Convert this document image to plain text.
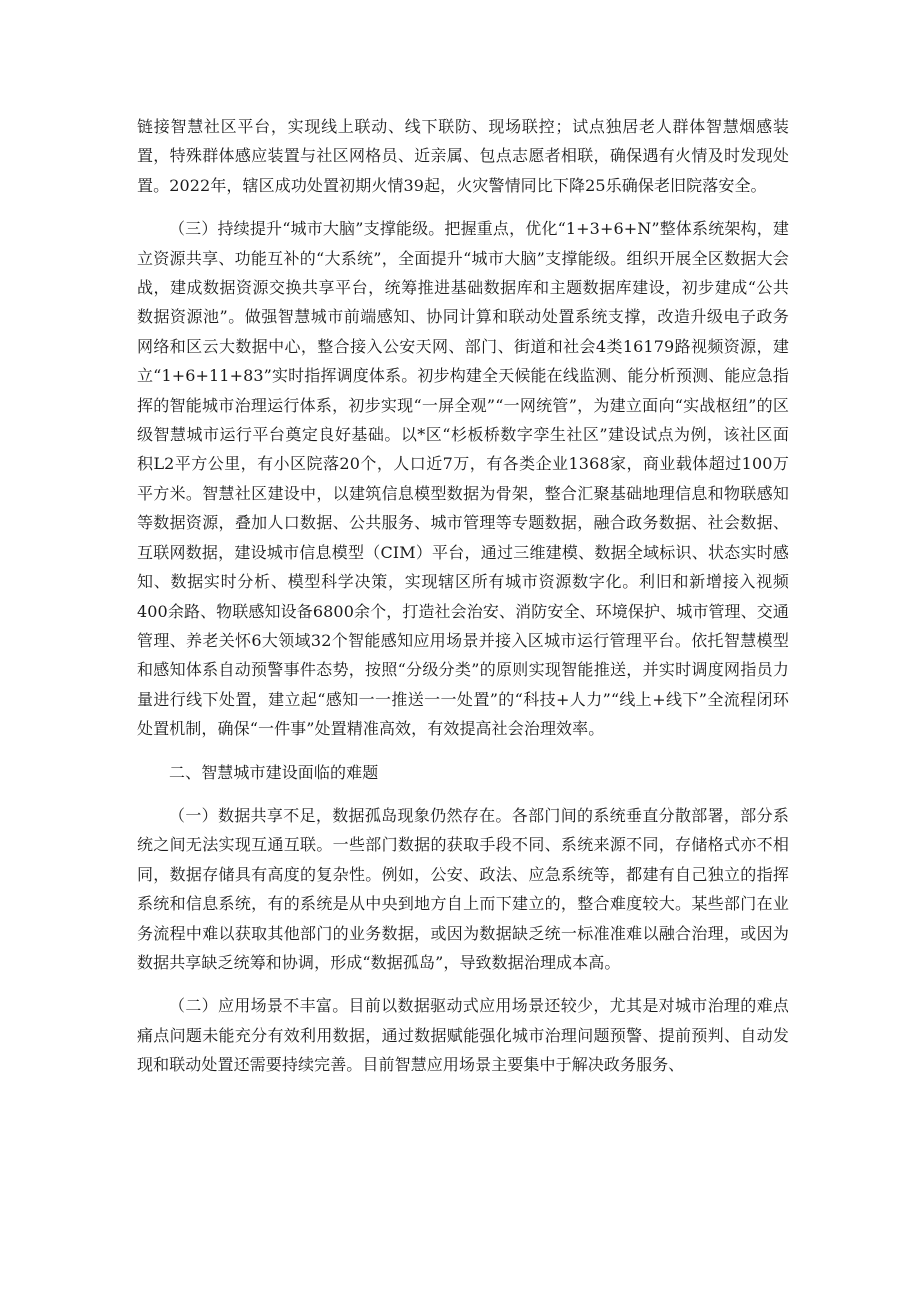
链接智慧社区平台，实现线上联动、线下联防、现场联控；试点独居老人群体智慧烟感装置，特殊群体感应装置与社区网格员、近亲属、包点志愿者相联，确保遇有火情及时发现处置。2022年，辖区成功处置初期火情39起，火灾警情同比下降25乐确保老旧院落安全。

（三）持续提升“城市大脑”支撑能级。把握重点，优化“1+3+6+N”整体系统架构，建立资源共享、功能互补的“大系统”，全面提升“城市大脑”支撑能级。组织开展全区数据大会战，建成数据资源交换共享平台，统筹推进基础数据库和主题数据库建设，初步建成“公共数据资源池”。做强智慧城市前端感知、协同计算和联动处置系统支撑，改造升级电子政务网络和区云大数据中心，整合接入公安天网、部门、街道和社会4类16179路视频资源，建立“1+6+11+83”实时指挥调度体系。初步构建全天候能在线监测、能分析预测、能应急指挥的智能城市治理运行体系，初步实现“一屏全观”“一网统管”，为建立面向“实战枢纽”的区级智慧城市运行平台奠定良好基础。以*区“杉板桥数字孪生社区”建设试点为例，该社区面积L2平方公里，有小区院落20个，人口近7万，有各类企业1368家，商业载体超过100万平方米。智慧社区建设中，以建筑信息模型数据为骨架，整合汇聚基础地理信息和物联感知等数据资源，叠加人口数据、公共服务、城市管理等专题数据，融合政务数据、社会数据、互联网数据，建设城市信息模型（CIM）平台，通过三维建模、数据全域标识、状态实时感知、数据实时分析、模型科学决策，实现辖区所有城市资源数字化。利旧和新增接入视频400余路、物联感知设备6800余个，打造社会治安、消防安全、环境保护、城市管理、交通管理、养老关怀6大领域32个智能感知应用场景并接入区城市运行管理平台。依托智慧模型和感知体系自动预警事件态势，按照“分级分类”的原则实现智能推送，并实时调度网指员力量进行线下处置，建立起“感知一一推送一一处置”的“科技+人力”“线上+线下”全流程闭环处置机制，确保“一件事”处置精准高效，有效提高社会治理效率。

二、智慧城市建设面临的难题

（一）数据共享不足，数据孤岛现象仍然存在。各部门间的系统垂直分散部署，部分系统之间无法实现互通互联。一些部门数据的获取手段不同、系统来源不同，存储格式亦不相同，数据存储具有高度的复杂性。例如，公安、政法、应急系统等，都建有自己独立的指挥系统和信息系统，有的系统是从中央到地方自上而下建立的，整合难度较大。某些部门在业务流程中难以获取其他部门的业务数据，或因为数据缺乏统一标准准难以融合治理，或因为数据共享缺乏统筹和协调，形成“数据孤岛”，导致数据治理成本高。

（二）应用场景不丰富。目前以数据驱动式应用场景还较少，尤其是对城市治理的难点痛点问题未能充分有效利用数据，通过数据赋能强化城市治理问题预警、提前预判、自动发现和联动处置还需要持续完善。目前智慧应用场景主要集中于解决政务服务、
